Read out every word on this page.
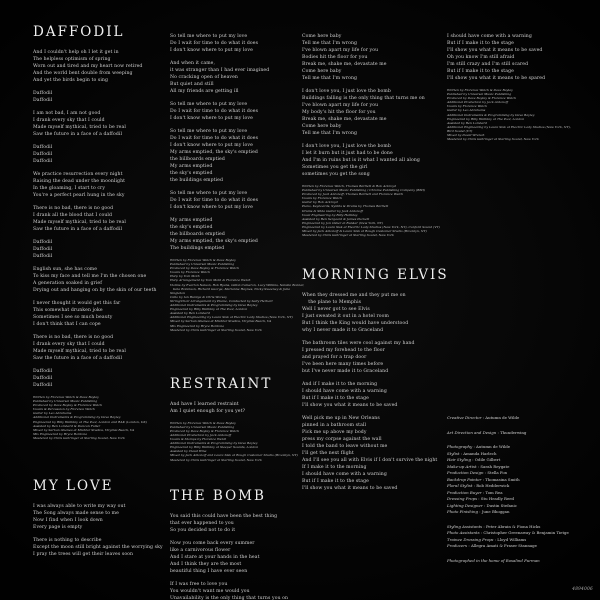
I should have come with a warning
But if I make it to the stage
I'll show you what it means to be saved
Oh you know I'm still afraid
I'm still crazy and I'm still scared
But if I make it to the stage
I'll show you what it means to be spared
Written by Florence Welch & Dave Bayley
Published by Universal Music Publishing
Produced by Dave Bayley & Florence Welch
Additional Production by Jack Antonoff
Vocals by Florence Welch
Guitar by Leo Abrahams
Additional Instruments & Programming by Dave Bayley
Engineered by Billy Halliday at The Pool, London
Assisted by Ben Lombard
Additional Engineering by Laura Sisk at Electric Lady Studios (New York, NY),
Bird Sound (VT)
Mixed by David Wrench
Mastered by Chris Gehringer at Sterling Sound, New York
Come here baby
Tell me that I'm wrong
I've blown apart my life for you
Bodies hit the floor for you
Break me, shake me, devastate me
Come here baby
Tell me that I'm wrong
I don't love you, I just love the bomb
Buildings falling is the only thing that turns me on
I've blown apart my life for you
My body's hit the floor for you
Break me, shake me, devastate me
Come here baby
Tell me that I'm wrong
I don't love you, I just love the bomb
I let it burn but it just had to be done
And I'm in ruins but is it what I wanted all along
Sometimes you get the girl
sometimes you get the song
Written by Florence Welch, Thomas Bartlett & Rob Ackroyd
Published by Universal Music Publishing / Chrome Publishing Company (BMI)
Produced by Jack Antonoff, Thomas Bartlett and Florence Welch
Vocals by Florence Welch
Guitar by Rob Ackroyd
Piano, Keyboards, Synths & Drums by Thomas Bartlett
Drums & Slide Guitar by Jack Antonoff
Vocal Engineering by Billy Halliday
Assisted by Ben Sergeant & James Puckett
Engineered by Jon Osher at Bunker (New York, NY)
Engineered by Laura Sisk at Electric Lady Studios (New York, NY), Canford Sound (VT)
Mixed by Jack Antonoff & Laura Sisk at Rough Customer Studio (Brooklyn, NY)
Mastered by Chris Gehringer at Sterling Sound, New York
MORNING ELVIS
When they dressed me and they put me on
the plane to Memphis
Well I never got to see Elvis
I just sweated it out in a hotel room
But I think the King would have understood
why I never made it to Graceland
The bathroom tiles were cool against my hand
I pressed my forehead to the floor
and prayed for a trap door
I've been here many times before
but I've never made it to Graceland
And if I make it to the morning
I should have come with a warning
But if I make it to the stage
I'll show you what it means to be saved
Well pick me up in New Orleans
pinned in a bathroom stall
Pick me up above my body
press my corpse against the wall
I told the band to leave without me
I'll get the next flight
And I'll see you all with Elvis if I don't survive the night
If I make it to the morning
I should have come with a warning
But if I make it to the stage
I'll show you what it means to be saved
So tell me where to put my love
Do I wait for time to do what it does
I don't know where to put my love
And when it came,
it was stranger than I had ever imagined
No cracking open of heaven
But quiet and still
All my friends are getting ill
So tell me where to put my love
Do I wait for time to do what it does
I don't know where to put my love
So tell me where to put my love
Do I wait for time to do what it does
I don't know where to put my love
My arms emptied, the sky's emptied
the billboards emptied
My arms emptied
the sky's emptied
the buildings emptied
So tell me where to put my love
Do I wait for time to do what it does
I don't know where to put my love
My arms emptied
the sky's emptied
the billboards emptied
My arms emptied, the sky's emptied
The buildings emptied
Written by Florence Welch & Dave Bayley
Published by Universal Music Publishing
Produced by Dave Bayley & Florence Welch
Vocals by Florence Welch
Harp by Tom Moth
Harp Arrangement by Tom Moth & Florence Welch
Violins by Everton Nelson, Rob Ryans, Gillon Cameron, Lucy Wilkins, Natalia Bonner,
Kate Robinson, Richard George, Marianne Haynes, Nicky Sweeney & Julia Singleton
Cello by Ian Burdge & Chris Worsey
String/Choir Arrangement by Plume, Conducted by Sally Herbert
Additional Instruments & Programming by Dave Bayley
Engineered by Billy Halliday at The Pool, London
Assisted by Ben Lombard
Additional Engineering by Laura Sisk at Electric Lady Studios (New York, NY)
Mixed by Serban Ghenea at MixStar Studios, Virginia Beach, VA
Mix Engineered by Bryce Bordone
Mastered by Chris Gehringer at Sterling Sound, New York
RESTRAINT
And have I learned restraint
Am I quiet enough for you yet?
Written by Florence Welch & Dave Bayley
Published by Universal Music Publishing
Produced by Dave Bayley & Florence Welch
Additional Production by Jack Antonoff
Vocals & Stomps by Florence Welch
Additional Instruments & Programming by Dave Bayley
Engineered by Billy Halliday at Sleeper Sounds, London
Assisted by Claud Hine
Mixed by Jack Antonoff and Laura Sisk at Rough Customer Studio (Brooklyn, NY)
Mastered by Chris Gehringer at Sterling Sound, New York
THE BOMB
You said this could have been the best thing
that ever happened to you
So you decided not to do it
Now you come back every summer
like a carnivorous flower
And I stare at your hands in the heat
And I think they are the most
beautiful thing I have ever seen
If I was free to love you
You wouldn't want me would you
Unavailability is the only thing that turns you on
DAFFODIL
And I couldn't help oh I let it get in
The helpless optimism of spring
Worn out and tired and my heart now retired
And the world bent double from weeping
And yet the birds begin to sing
Daffodil
Daffodil
I am not bad, I am not good
I drank every sky that I could
Made myself mythical, tried to be real
Saw the future in a face of a daffodil
Daffodil
Daffodil
Daffodil
We practice resurrection every night
Raising the dead under the moonlight
In the gloaming, I start to cry
You're a perfect pearl hung in the sky
There is no bad, there is no good
I drank all the blood that I could
Made myself mythical, tried to be real
Saw the future in a face of a daffodil
Daffodil
Daffodil
Daffodil
English sun, she has come
To kiss my face and tell me I'm the chosen one
A generation soaked in grief
Drying out and hanging on by the skin of our teeth
I never thought it would get this far
This somewhat drunken joke
Sometimes I see so much beauty
I don't think that I can cope
There is no bad, there is no good
I drank every sky that I could
Made myself mythical, tried to be real
Saw the future in a face of a daffodil
Daffodil
Daffodil
Daffodil
Written by Florence Welch & Dave Bayley
Published by Universal Music Publishing
Produced by Dave Bayley & Florence Welch
Vocals & Percussion by Florence Welch
Guitar by Leo Abrahams
Additional Instruments & Programming by Dave Bayley
Engineered by Billy Halliday at The Pool, London and RAK (London, UK)
Assisted by Ben Lombard & Duncan Fuller
Mixed by Serban Ghenea at MixStar Studios, Virginia Beach, VA
Mix Engineered by Bryce Bordone
Mastered by Chris Gehringer at Sterling Sound, New York
MY LOVE
I was always able to write my way out
The Song always made sense to me
Now I find when I look down
Every page is empty
There is nothing to describe
Except the moon still bright against the worrying sky
I pray the trees will get their leaves soon
Creative Director : Autumn de Wilde
Art Direction and Design : Thunderwing
Photography : Autumn de Wilde
Stylist : Amanda Harlech
Hair Styling : Odile Gilbert
Make-up Artist : Sarah Reygate
Production Design : Stella Fox
Backdrop Painter : Thomasina Smith
Floral Stylist : Rob Hedderwick
Production Buyer : Tom Rea
Dressing Props : Stu Headly Reed
Lighting Designer : Dustin Stefanic
Photo Finishing : June Bhoggan
Styling Assistants : Peter Abrain & Fiona Hicks
Photo Assistants : Christopher Greenaway & Benjamin Tietge
Trainee Dressing Props : Lloyd Williams
Producers : Allegra Amati & Fraser Stannage
Photographed in the home of Rosalind Furman
4894006
